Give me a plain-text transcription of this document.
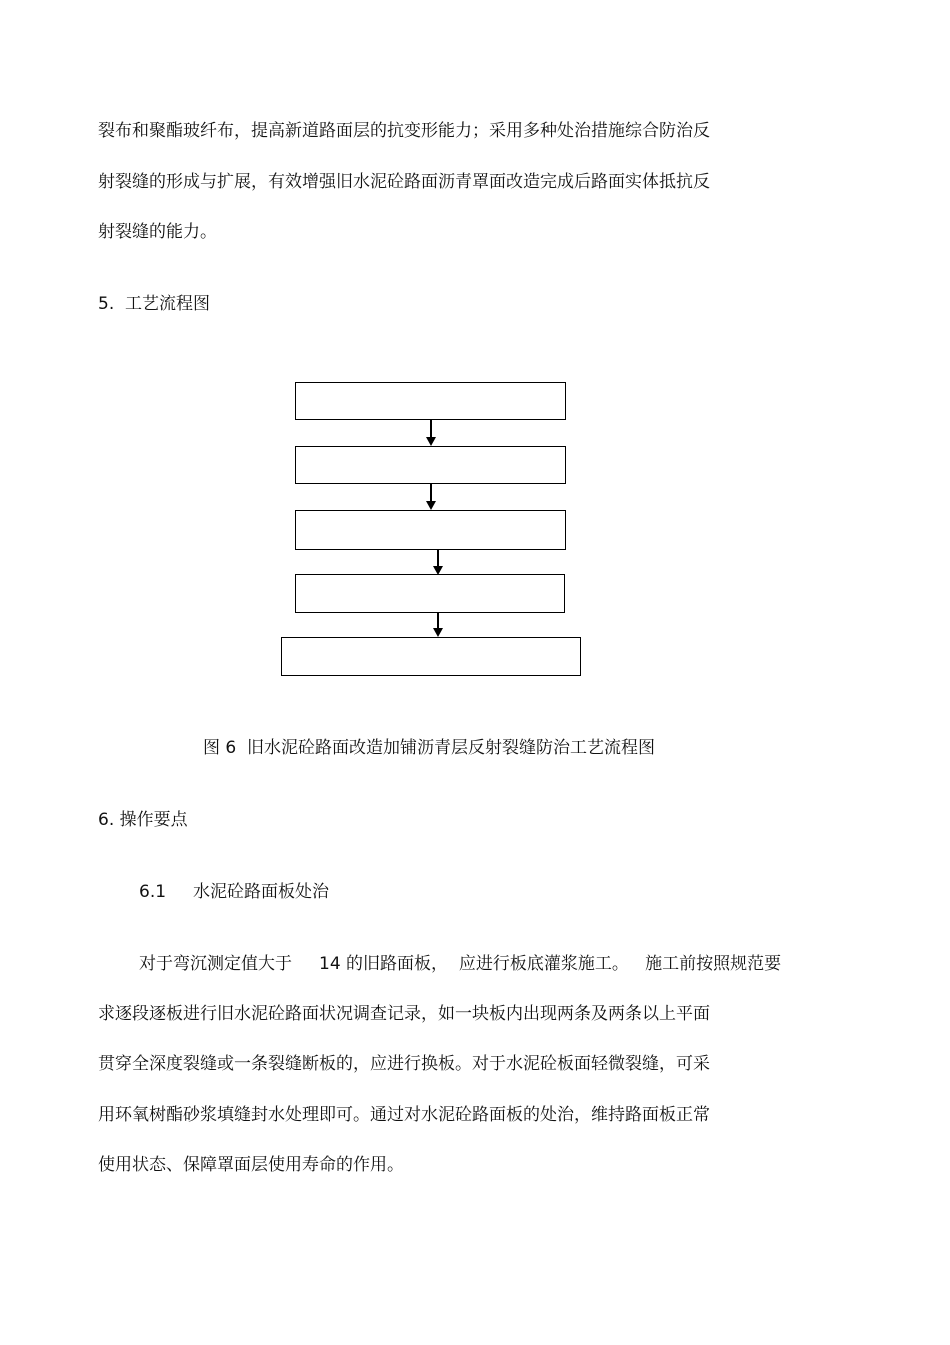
裂布和聚酯玻纤布，提高新道路面层的抗变形能力；采用多种处治措施综合防治反
射裂缝的形成与扩展，有效增强旧水泥砼路面沥青罩面改造完成后路面实体抵抗反
射裂缝的能力。
5.  工艺流程图
图 6  旧水泥砼路面改造加铺沥青层反射裂缝防治工艺流程图
6. 操作要点
6.1     水泥砼路面板处治
对于弯沉测定值大于     14 的旧路面板，  应进行板底灌浆施工。   施工前按照规范要
求逐段逐板进行旧水泥砼路面状况调查记录，如一块板内出现两条及两条以上平面
贯穿全深度裂缝或一条裂缝断板的，应进行换板。对于水泥砼板面轻微裂缝，可采
用环氧树酯砂浆填缝封水处理即可。通过对水泥砼路面板的处治，维持路面板正常
使用状态、保障罩面层使用寿命的作用。
